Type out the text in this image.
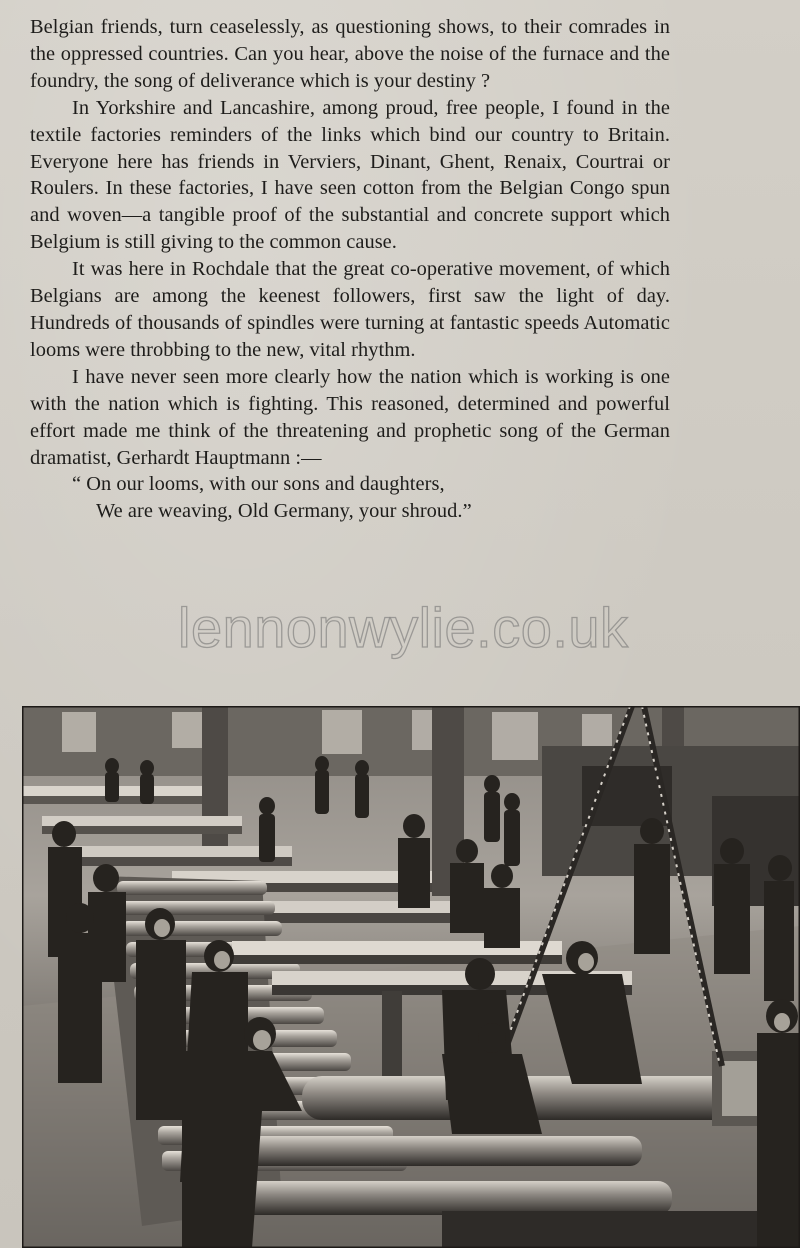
Belgian friends, turn ceaselessly, as questioning shows, to their comrades in the oppressed countries. Can you hear, above the noise of the furnace and the foundry, the song of deliverance which is your destiny ?

In Yorkshire and Lancashire, among proud, free people, I found in the textile factories reminders of the links which bind our country to Britain. Everyone here has friends in Verviers, Dinant, Ghent, Renaix, Courtrai or Roulers. In these factories, I have seen cotton from the Belgian Congo spun and woven—a tangible proof of the substantial and concrete support which Belgium is still giving to the common cause.

It was here in Rochdale that the great co-operative movement, of which Belgians are among the keenest followers, first saw the light of day. Hundreds of thousands of spindles were turning at fantastic speeds Automatic looms were throbbing to the new, vital rhythm.

I have never seen more clearly how the nation which is working is one with the nation which is fighting. This reasoned, determined and powerful effort made me think of the threatening and prophetic song of the German dramatist, Gerhardt Hauptmann :—

“ On our looms, with our sons and daughters,
We are weaving, Old Germany, your shroud.”

lennonwylie.co.uk
